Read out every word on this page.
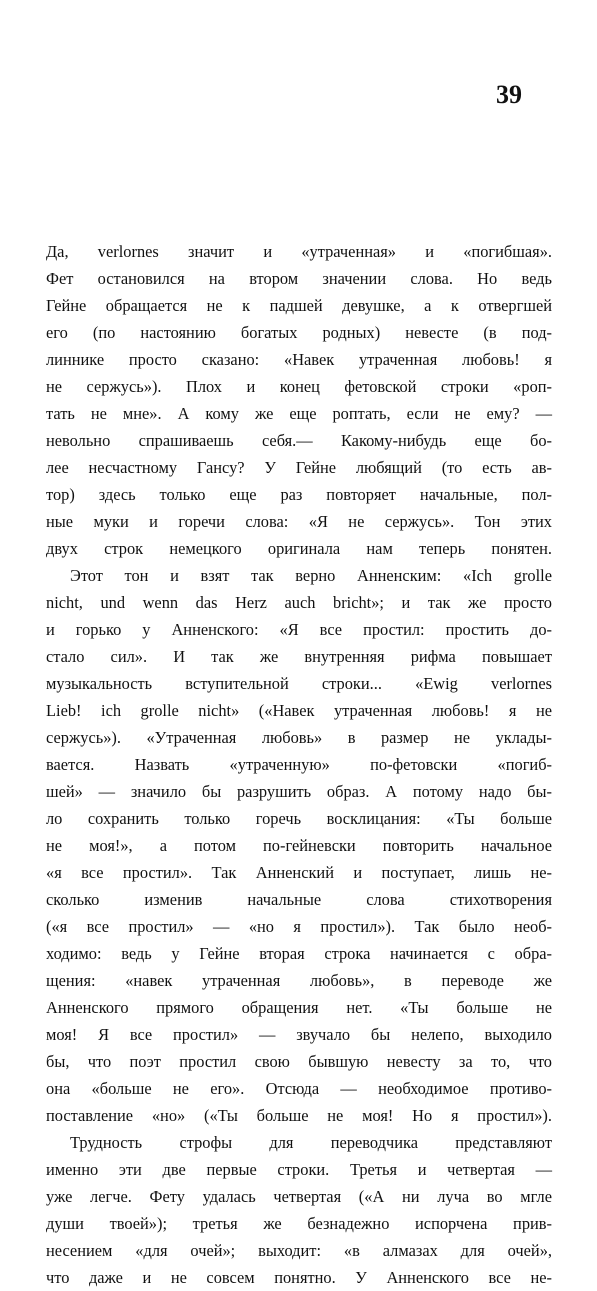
39
Да, verlornes значит и «утраченная» и «погибшая».
Фет остановился на втором значении слова. Но ведь
Гейне обращается не к падшей девушке, а к отвергшей
его (по настоянию богатых родных) невесте (в под-
линнике просто сказано: «Навек утраченная любовь! я
не сержусь»). Плох и конец фетовской строки «роп-
тать не мне». А кому же еще роптать, если не ему? —
невольно спрашиваешь себя.— Какому-нибудь еще бо-
лее несчастному Гансу? У Гейне любящий (то есть ав-
тор) здесь только еще раз повторяет начальные, пол-
ные муки и горечи слова: «Я не сержусь». Тон этих
двух строк немецкого оригинала нам теперь понятен.
Этот тон и взят так верно Анненским: «Ich grolle
nicht, und wenn das Herz auch bricht»; и так же просто
и горько у Анненского: «Я все простил: простить до-
стало сил». И так же внутренняя рифма повышает
музыкальность вступительной строки... «Ewig verlornes
Lieb! ich grolle nicht» («Навек утраченная любовь! я не
сержусь»). «Утраченная любовь» в размер не уклады-
вается. Назвать «утраченную» по-фетовски «погиб-
шей» — значило бы разрушить образ. А потому надо бы-
ло сохранить только горечь восклицания: «Ты больше
не моя!», а потом по-гейневски повторить начальное
«я все простил». Так Анненский и поступает, лишь не-
сколько изменив начальные слова стихотворения
(«я все простил» — «но я простил»). Так было необ-
ходимо: ведь у Гейне вторая строка начинается с обра-
щения: «навек утраченная любовь», в переводе же
Анненского прямого обращения нет. «Ты больше не
моя! Я все простил» — звучало бы нелепо, выходило
бы, что поэт простил свою бывшую невесту за то, что
она «больше не его». Отсюда — необходимое противо-
поставление «но» («Ты больше не моя! Но я простил»).
Трудность строфы для переводчика представляют
именно эти две первые строки. Третья и четвертая —
уже легче. Фету удалась четвертая («А ни луча во мгле
души твоей»); третья же безнадежно испорчена прив-
несением «для очей»; выходит: «в алмазах для очей»,
что даже и не совсем понятно. У Анненского все не-
